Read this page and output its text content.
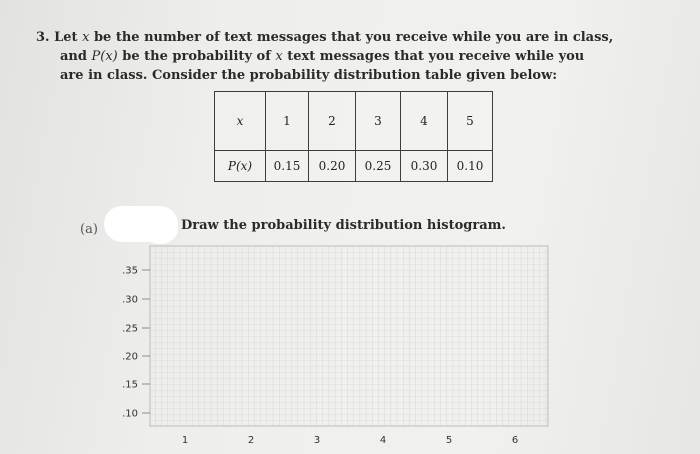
3. Let x be the number of text messages that you receive while you are in class,
and P(x) be the probability of x text messages that you receive while you
are in class. Consider the probability distribution table given below:
x	1	2	3	4	5
P(x)	0.15	0.20	0.25	0.30	0.10
(a)	Draw the probability distribution histogram.
.35
.30
.25
.20
.15
.10
1	2	3	4	5	6
